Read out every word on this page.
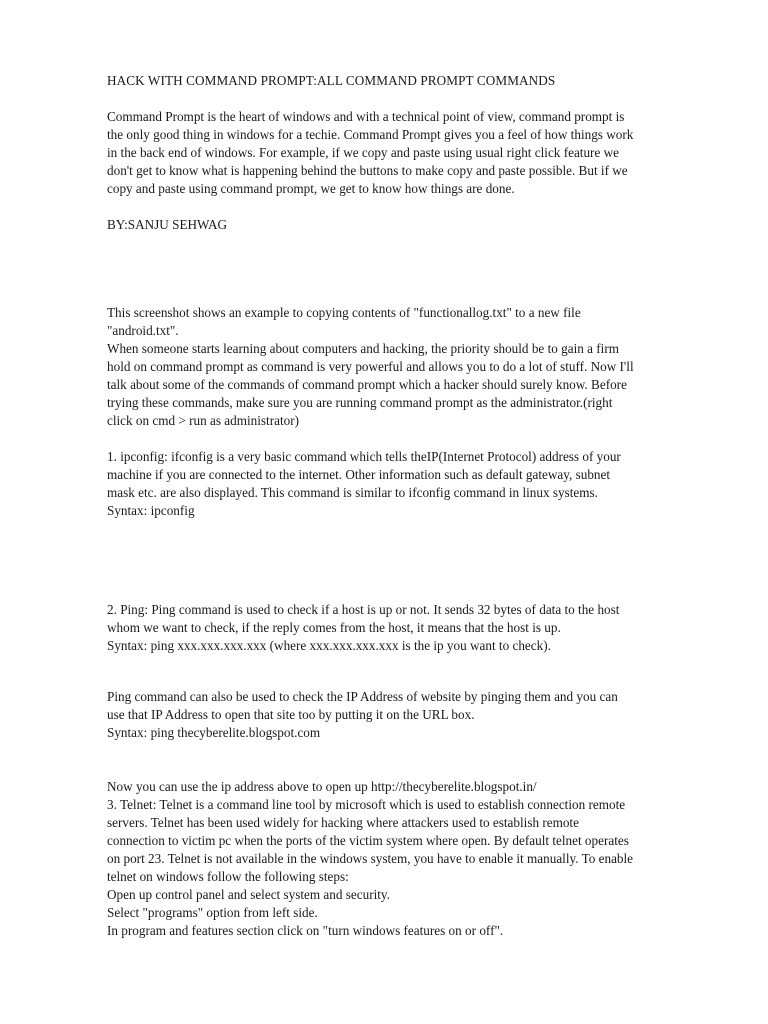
HACK WITH COMMAND PROMPT:ALL COMMAND PROMPT COMMANDS
Command Prompt is the heart of windows and with a technical point of view, command prompt is
the only good thing in windows for a techie. Command Prompt gives you a feel of how things work
in the back end of windows. For example, if we copy and paste using usual right click feature we
don't get to know what is happening behind the buttons to make copy and paste possible. But if we
copy and paste using command prompt, we get to know how things are done.
BY:SANJU SEHWAG
This screenshot shows an example to copying contents of "functionallog.txt" to a new file
"android.txt".
When someone starts learning about computers and hacking, the priority should be to gain a firm
hold on command prompt as command is very powerful and allows you to do a lot of stuff. Now I'll
talk about some of the commands of command prompt which a hacker should surely know. Before
trying these commands, make sure you are running command prompt as the administrator.(right
click on cmd > run as administrator)
1. ipconfig: ifconfig is a very basic command which tells theIP(Internet Protocol) address of your
machine if you are connected to the internet. Other information such as default gateway, subnet
mask etc. are also displayed. This command is similar to ifconfig command in linux systems.
Syntax: ipconfig
2. Ping: Ping command is used to check if a host is up or not. It sends 32 bytes of data to the host
whom we want to check, if the reply comes from the host, it means that the host is up.
Syntax: ping xxx.xxx.xxx.xxx (where xxx.xxx.xxx.xxx is the ip you want to check).
Ping command can also be used to check the IP Address of website by pinging them and you can
use that IP Address to open that site too by putting it on the URL box.
Syntax: ping thecyberelite.blogspot.com
Now you can use the ip address above to open up http://thecyberelite.blogspot.in/
3. Telnet: Telnet is a command line tool by microsoft which is used to establish connection remote
servers. Telnet has been used widely for hacking where attackers used to establish remote
connection to victim pc when the ports of the victim system where open. By default telnet operates
on port 23. Telnet is not available in the windows system, you have to enable it manually. To enable
telnet on windows follow the following steps:
Open up control panel and select system and security.
Select "programs" option from left side.
In program and features section click on "turn windows features on or off".
